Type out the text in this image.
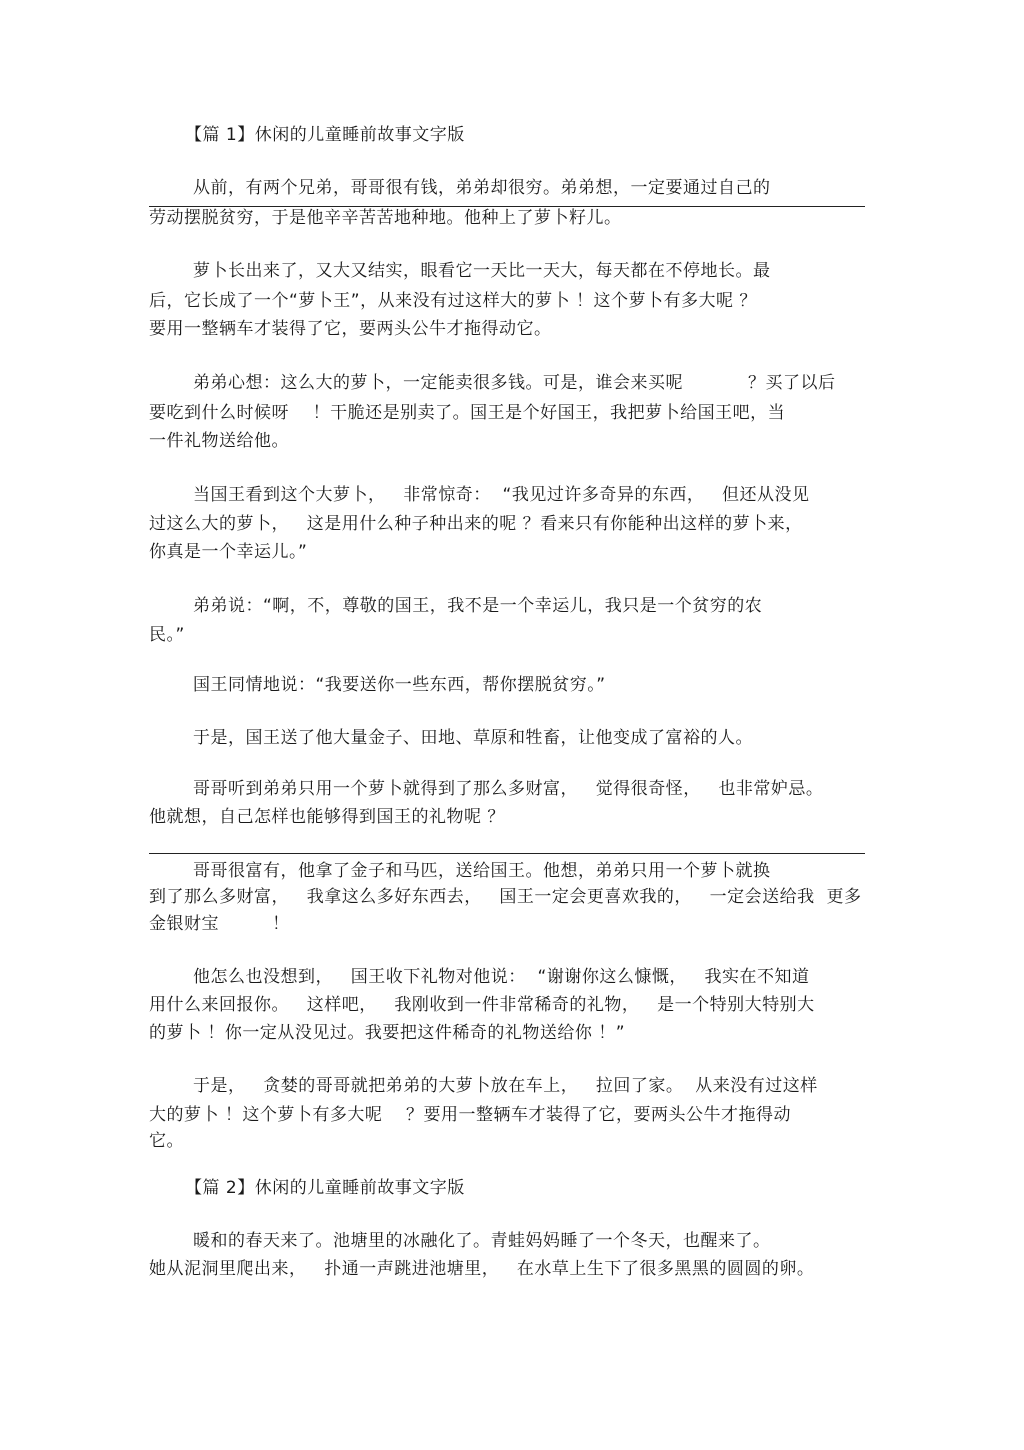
【篇 1】休闲的儿童睡前故事文字版
从前，有两个兄弟，哥哥很有钱，弟弟却很穷。弟弟想，一定要通过自己的
劳动摆脱贫穷，于是他辛辛苦苦地种地。他种上了萝卜籽儿。
萝卜长出来了，又大又结实，眼看它一天比一天大，每天都在不停地长。最
后，它长成了一个“萝卜王”，从来没有过这样大的萝卜 ！这个萝卜有多大呢 ？
要用一整辆车才装得了它，要两头公牛才拖得动它。
弟弟心想：这么大的萝卜，一定能卖很多钱。可是，谁会来买呢           ？买了以后
要吃到什么时候呀    ！干脆还是别卖了。国王是个好国王，我把萝卜给国王吧，当
一件礼物送给他。
当国王看到这个大萝卜，   非常惊奇：  “我见过许多奇异的东西，   但还从没见
过这么大的萝卜，   这是用什么种子种出来的呢 ？看来只有你能种出这样的萝卜来，
你真是一个幸运儿。”
弟弟说：“啊，不，尊敬的国王，我不是一个幸运儿，我只是一个贫穷的农
民。”
国王同情地说：“我要送你一些东西，帮你摆脱贫穷。”
于是，国王送了他大量金子、田地、草原和牲畜，让他变成了富裕的人。
哥哥听到弟弟只用一个萝卜就得到了那么多财富，   觉得很奇怪，   也非常妒忌。
他就想，自己怎样也能够得到国王的礼物呢 ？
哥哥很富有，他拿了金子和马匹，送给国王。他想，弟弟只用一个萝卜就换
到了那么多财富，   我拿这么多好东西去，   国王一定会更喜欢我的，   一定会送给我  更多
金银财宝         ！
他怎么也没想到，   国王收下礼物对他说：  “谢谢你这么慷慨，   我实在不知道
用什么来回报你。   这样吧，   我刚收到一件非常稀奇的礼物，   是一个特别大特别大
的萝卜 ！你一定从没见过。我要把这件稀奇的礼物送给你 ！”
于是，   贪婪的哥哥就把弟弟的大萝卜放在车上，   拉回了家。  从来没有过这样
大的萝卜 ！这个萝卜有多大呢    ？要用一整辆车才装得了它，要两头公牛才拖得动
它。
【篇 2】休闲的儿童睡前故事文字版
暖和的春天来了。池塘里的冰融化了。青蛙妈妈睡了一个冬天，也醒来了。
她从泥洞里爬出来，   扑通一声跳进池塘里，   在水草上生下了很多黑黑的圆圆的卵。
